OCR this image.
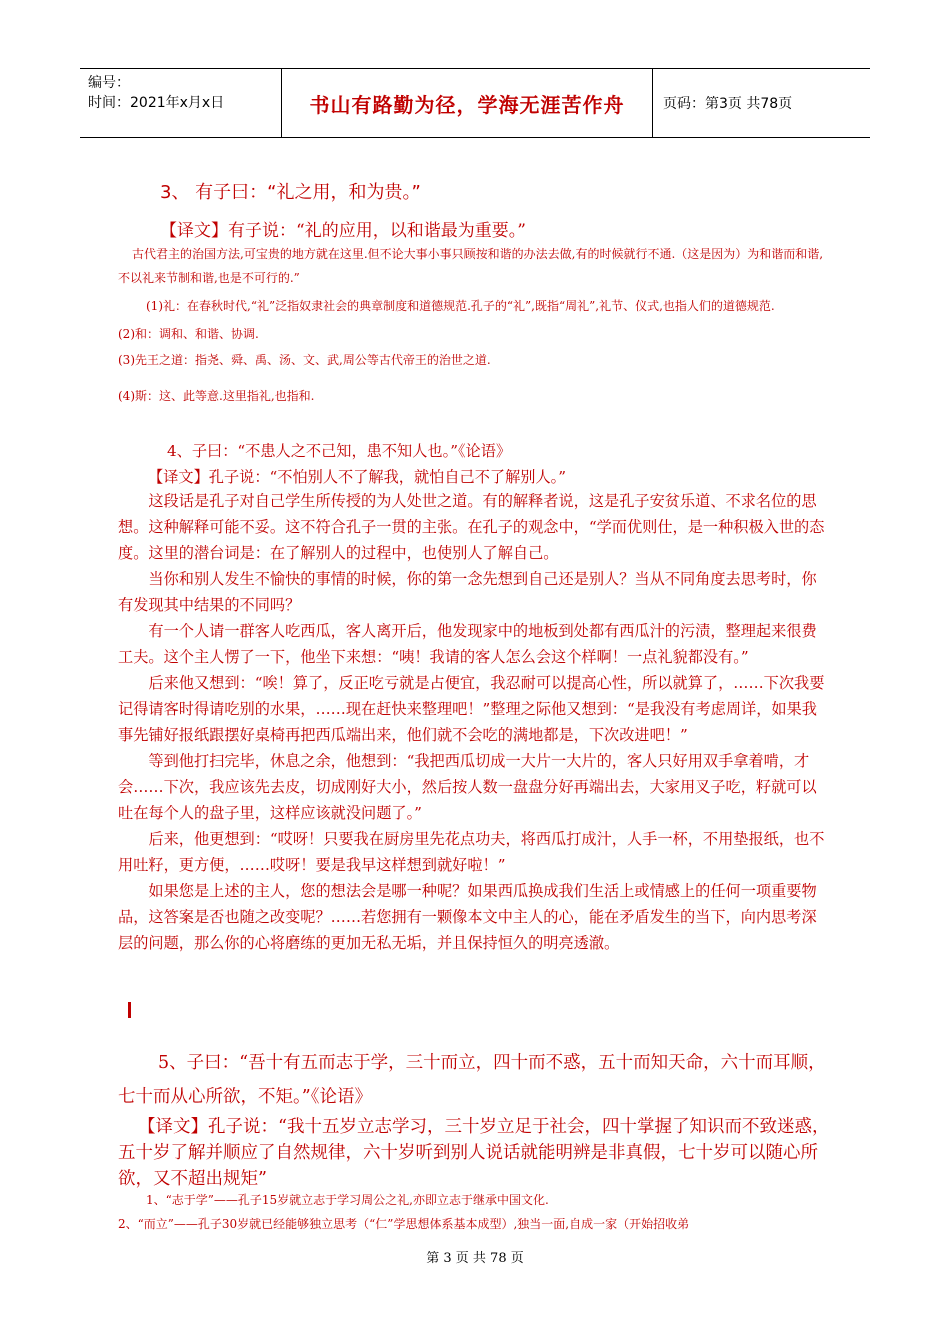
编号：
时间：2021年x月x日	书山有路勤为径，学海无涯苦作舟	页码：第3页 共78页
3、 有子曰：“礼之用，和为贵。”
【译文】有子说：“礼的应用，以和谐最为重要。”

古代君主的治国方法,可宝贵的地方就在这里.但不论大事小事只顾按和谐的办法去做,有的时候就行不通.（这是因为）为和谐而和谐,不以礼来节制和谐,也是不可行的.”

(1)礼：在春秋时代,“礼”泛指奴隶社会的典章制度和道德规范.孔子的“礼”,既指“周礼”,礼节、仪式,也指人们的道德规范.

(2)和：调和、和谐、协调.

(3)先王之道：指尧、舜、禹、汤、文、武,周公等古代帝王的治世之道.

(4)斯：这、此等意.这里指礼,也指和.

4、子曰：“不患人之不己知，患不知人也。”《论语》
【译文】孔子说：“不怕别人不了解我，就怕自己不了解别人。”

这段话是孔子对自己学生所传授的为人处世之道。有的解释者说，这是孔子安贫乐道、不求名位的思想。这种解释可能不妥。这不符合孔子一贯的主张。在孔子的观念中，“学而优则仕，是一种积极入世的态度。这里的潜台词是：在了解别人的过程中，也使别人了解自己。

当你和别人发生不愉快的事情的时候，你的第一念先想到自己还是别人？当从不同角度去思考时，你有发现其中结果的不同吗？

有一个人请一群客人吃西瓜，客人离开后，他发现家中的地板到处都有西瓜汁的污渍，整理起来很费工夫。这个主人愣了一下，他坐下来想：“咦！我请的客人怎么会这个样啊！一点礼貌都没有。”

后来他又想到：“唉！算了，反正吃亏就是占便宜，我忍耐可以提高心性，所以就算了，……下次我要记得请客时得请吃别的水果，……现在赶快来整理吧！”整理之际他又想到：“是我没有考虑周详，如果我事先铺好报纸跟摆好桌椅再把西瓜端出来，他们就不会吃的满地都是，下次改进吧！”

等到他打扫完毕，休息之余，他想到：“我把西瓜切成一大片一大片的，客人只好用双手拿着啃，才会……下次，我应该先去皮，切成刚好大小，然后按人数一盘盘分好再端出去，大家用叉子吃，籽就可以吐在每个人的盘子里，这样应该就没问题了。”

后来，他更想到：“哎呀！只要我在厨房里先花点功夫，将西瓜打成汁，人手一杯，不用垫报纸，也不用吐籽，更方便，……哎呀！要是我早这样想到就好啦！”

如果您是上述的主人，您的想法会是哪一种呢？如果西瓜换成我们生活上或情感上的任何一项重要物品，这答案是否也随之改变呢？……若您拥有一颗像本文中主人的心，能在矛盾发生的当下，向内思考深层的问题，那么你的心将磨练的更加无私无垢，并且保持恒久的明亮透澈。

5、子曰：“吾十有五而志于学，三十而立，四十而不惑，五十而知天命，六十而耳顺，七十而从心所欲，不矩。”《论语》
【译文】孔子说：“我十五岁立志学习，三十岁立足于社会，四十掌握了知识而不致迷惑，五十岁了解并顺应了自然规律，六十岁听到别人说话就能明辨是非真假，七十岁可以随心所欲，又不超出规矩”

1、“志于学”——孔子15岁就立志于学习周公之礼,亦即立志于继承中国文化.

2、“而立”——孔子30岁就已经能够独立思考（“仁”学思想体系基本成型）,独当一面,自成一家（开始招收弟

第 3 页 共 78 页
